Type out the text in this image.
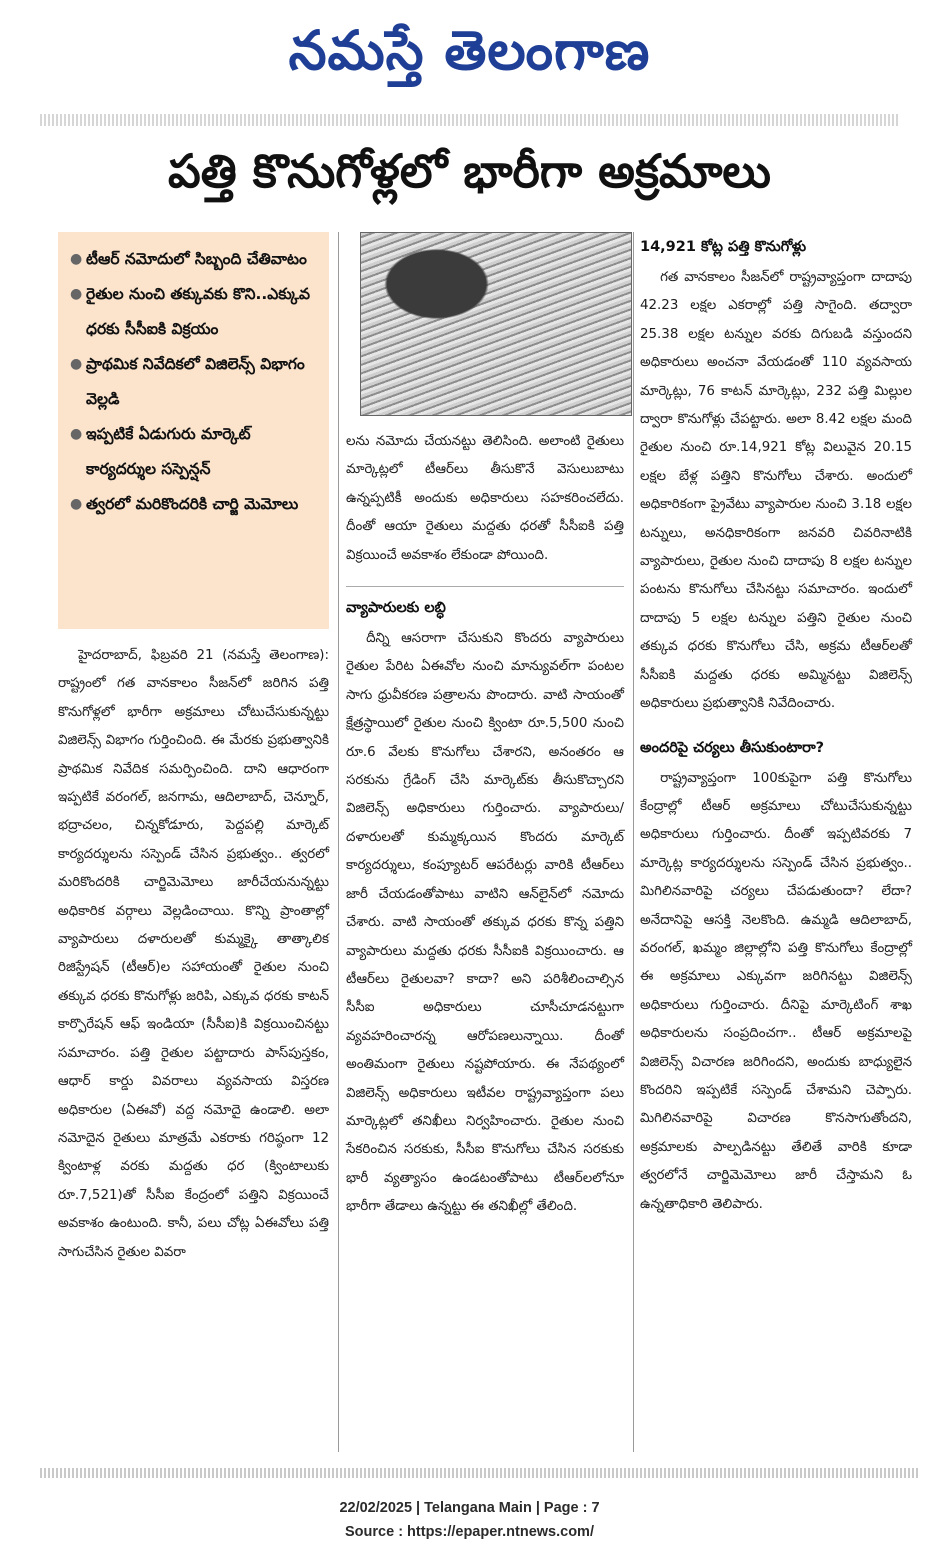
నమస్తే తెలంగాణ
పత్తి కొనుగోళ్లలో భారీగా అక్రమాలు
● టీఆర్ నమోదులో సిబ్బంది చేతివాటం
● రైతుల నుంచి తక్కువకు కొని..ఎక్కువ ధరకు సీసీఐకి విక్రయం
● ప్రాథమిక నివేదికలో విజిలెన్స్ విభాగం వెల్లడి
● ఇప్పటికే ఏడుగురు మార్కెట్ కార్యదర్శుల సస్పెన్షన్
● త్వరలో మరికొందరికి చార్జి మెమోలు

హైదరాబాద్, ఫిబ్రవరి 21 (నమస్తే తెలంగాణ): రాష్ట్రంలో గత వానకాలం సీజన్‌లో జరిగిన పత్తి కొనుగోళ్లలో భారీగా అక్రమాలు చోటుచేసుకున్నట్టు విజిలెన్స్ విభాగం గుర్తించింది. ఈ మేరకు ప్రభుత్వానికి ప్రాథమిక నివేదిక సమర్పించింది. దాని ఆధారంగా ఇప్పటికే వరంగల్, జనగామ, ఆదిలాబాద్, చెన్నూర్, భద్రాచలం, చిన్నకోడూరు, పెద్దపల్లి మార్కెట్ కార్యదర్శులను సస్పెండ్ చేసిన ప్రభుత్వం.. త్వరలో మరికొందరికి చార్జిమెమోలు జారీచేయనున్నట్టు అధికారిక వర్గాలు వెల్లడించాయి. కొన్ని ప్రాంతాల్లో వ్యాపారులు దళారులతో కుమ్మక్కై తాత్కాలిక రిజిస్ట్రేషన్ (టీఆర్)ల సహాయంతో రైతుల నుంచి తక్కువ ధరకు కొనుగోళ్లు జరిపి, ఎక్కువ ధరకు కాటన్ కార్పొరేషన్ ఆఫ్ ఇండియా (సీసీఐ)కి విక్రయించినట్టు సమాచారం. పత్తి రైతుల పట్టాదారు పాస్‌పుస్తకం, ఆధార్ కార్డు వివరాలు వ్యవసాయ విస్తరణ అధికారుల (ఏఈవో) వద్ద నమోదై ఉండాలి. అలా నమోదైన రైతులు మాత్రమే ఎకరాకు గరిష్ఠంగా 12 క్వింటాళ్ల వరకు మద్దతు ధర (క్వింటాలుకు రూ.7,521)తో సీసీఐ కేంద్రంలో పత్తిని విక్రయించే అవకాశం ఉంటుంది. కానీ, పలు చోట్ల ఏఈవోలు పత్తి సాగుచేసిన రైతుల వివరా

లను నమోదు చేయనట్టు తెలిసింది. అలాంటి రైతులు మార్కెట్లలో టీఆర్‌లు తీసుకొనే వెసులుబాటు ఉన్నప్పటికీ అందుకు అధికారులు సహకరించలేదు. దీంతో ఆయా రైతులు మద్దతు ధరతో సీసీఐకి పత్తి విక్రయించే అవకాశం లేకుండా పోయింది.

వ్యాపారులకు లబ్ధి

దీన్ని ఆసరాగా చేసుకుని కొందరు వ్యాపారులు రైతుల పేరిట ఏఈవోల నుంచి మాన్యువల్‌గా పంటల సాగు ధ్రువీకరణ పత్రాలను పొందారు. వాటి సాయంతో క్షేత్రస్థాయిలో రైతుల నుంచి క్వింటా రూ.5,500 నుంచి రూ.6 వేలకు కొనుగోలు చేశారని, అనంతరం ఆ సరకును గ్రేడింగ్ చేసి మార్కెట్‌కు తీసుకొచ్చారని విజిలెన్స్ అధికారులు గుర్తించారు. వ్యాపారులు/దళారులతో కుమ్మక్కయిన కొందరు మార్కెట్ కార్యదర్శులు, కంప్యూటర్ ఆపరేటర్లు వారికి టీఆర్‌లు జారీ చేయడంతోపాటు వాటిని ఆన్‌లైన్‌లో నమోదు చేశారు. వాటి సాయంతో తక్కువ ధరకు కొన్న పత్తిని వ్యాపారులు మద్దతు ధరకు సీసీఐకి విక్రయించారు. ఆ టీఆర్‌లు రైతులవా? కాదా? అని పరిశీలించాల్సిన సీసీఐ అధికారులు చూసీచూడనట్టుగా వ్యవహరించారన్న ఆరోపణలున్నాయి. దీంతో అంతిమంగా రైతులు నష్టపోయారు. ఈ నేపథ్యంలో విజిలెన్స్ అధికారులు ఇటీవల రాష్ట్రవ్యాప్తంగా పలు మార్కెట్లలో తనిఖీలు నిర్వహించారు. రైతుల నుంచి సేకరించిన సరకుకు, సీసీఐ కొనుగోలు చేసిన సరకుకు భారీ వ్యత్యాసం ఉండటంతోపాటు టీఆర్‌లలోనూ భారీగా తేడాలు ఉన్నట్టు ఈ తనిఖీల్లో తేలింది.

14,921 కోట్ల పత్తి కొనుగోళ్లు

గత వానకాలం సీజన్‌లో రాష్ట్రవ్యాప్తంగా దాదాపు 42.23 లక్షల ఎకరాల్లో పత్తి సాగైంది. తద్వారా 25.38 లక్షల టన్నుల వరకు దిగుబడి వస్తుందని అధికారులు అంచనా వేయడంతో 110 వ్యవసాయ మార్కెట్లు, 76 కాటన్ మార్కెట్లు, 232 పత్తి మిల్లుల ద్వారా కొనుగోళ్లు చేపట్టారు. అలా 8.42 లక్షల మంది రైతుల నుంచి రూ.14,921 కోట్ల విలువైన 20.15 లక్షల బేళ్ల పత్తిని కొనుగోలు చేశారు. అందులో అధికారికంగా ప్రైవేటు వ్యాపారుల నుంచి 3.18 లక్షల టన్నులు, అనధికారికంగా జనవరి చివరినాటికి వ్యాపారులు, రైతుల నుంచి దాదాపు 8 లక్షల టన్నుల పంటను కొనుగోలు చేసినట్టు సమాచారం. ఇందులో దాదాపు 5 లక్షల టన్నుల పత్తిని రైతుల నుంచి తక్కువ ధరకు కొనుగోలు చేసి, అక్రమ టీఆర్‌లతో సీసీఐకి మద్దతు ధరకు అమ్మినట్టు విజిలెన్స్ అధికారులు ప్రభుత్వానికి నివేదించారు.

అందరిపై చర్యలు తీసుకుంటారా?

రాష్ట్రవ్యాప్తంగా 100కుపైగా పత్తి కొనుగోలు కేంద్రాల్లో టీఆర్ అక్రమాలు చోటుచేసుకున్నట్టు అధికారులు గుర్తించారు. దీంతో ఇప్పటివరకు 7 మార్కెట్ల కార్యదర్శులను సస్పెండ్ చేసిన ప్రభుత్వం.. మిగిలినవారిపై చర్యలు చేపడుతుందా? లేదా? అనేదానిపై ఆసక్తి నెలకొంది. ఉమ్మడి ఆదిలాబాద్, వరంగల్, ఖమ్మం జిల్లాల్లోని పత్తి కొనుగోలు కేంద్రాల్లో ఈ అక్రమాలు ఎక్కువగా జరిగినట్టు విజిలెన్స్ అధికారులు గుర్తించారు. దీనిపై మార్కెటింగ్ శాఖ అధికారులను సంప్రదించగా.. టీఆర్ అక్రమాలపై విజిలెన్స్ విచారణ జరిగిందని, అందుకు బాధ్యులైన కొందరిని ఇప్పటికే సస్పెండ్ చేశామని చెప్పారు. మిగిలినవారిపై విచారణ కొనసాగుతోందని, అక్రమాలకు పాల్పడినట్టు తేలితే వారికి కూడా త్వరలోనే చార్జిమెమోలు జారీ చేస్తామని ఓ ఉన్నతాధికారి తెలిపారు.

22/02/2025 | Telangana Main | Page : 7
Source : https://epaper.ntnews.com/
